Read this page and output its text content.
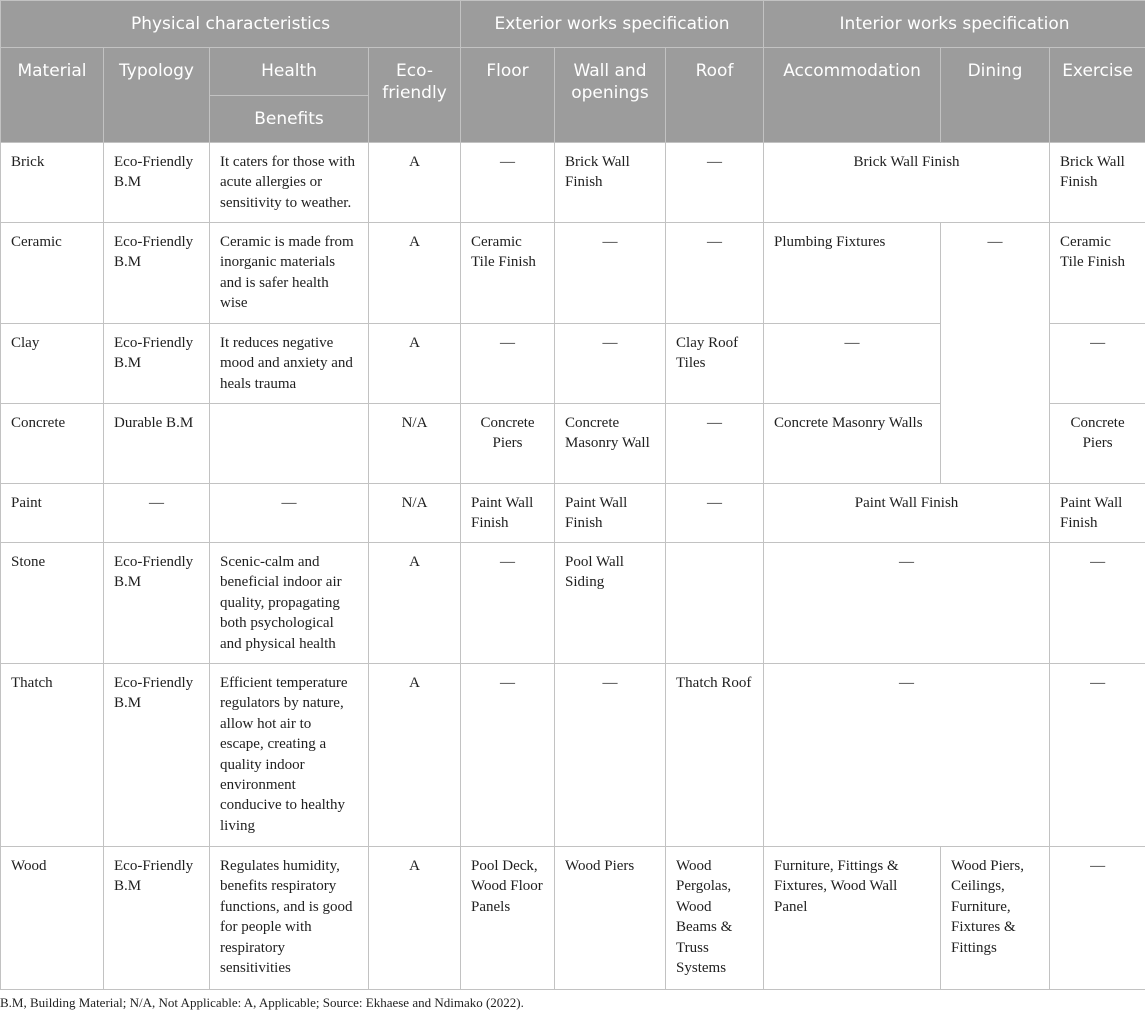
Physical characteristics				Exterior works specification			Interior works specification		
Material	Typology	Health	Eco-friendly	Floor	Wall and openings	Roof	Accommodation	Dining	Exercise
		Benefits							
Brick	Eco-Friendly B.M	It caters for those with acute allergies or sensitivity to weather.	A	—	Brick Wall Finish	—	Brick Wall Finish		Brick Wall Finish
Ceramic	Eco-Friendly B.M	Ceramic is made from inorganic materials and is safer health wise	A	Ceramic Tile Finish	—	—	Plumbing Fixtures	—	Ceramic Tile Finish
Clay	Eco-Friendly B.M	It reduces negative mood and anxiety and heals trauma	A	—	—	Clay Roof Tiles	—		—
Concrete	Durable B.M		N/A	Concrete Piers	Concrete Masonry Wall	—	Concrete Masonry Walls		Concrete Piers
Paint	—	—	N/A	Paint Wall Finish	Paint Wall Finish	—	Paint Wall Finish		Paint Wall Finish
Stone	Eco-Friendly B.M	Scenic-calm and beneficial indoor air quality, propagating both psychological and physical health	A	—	Pool Wall Siding		—		—
Thatch	Eco-Friendly B.M	Efficient temperature regulators by nature, allow hot air to escape, creating a quality indoor environment conducive to healthy living	A	—	—	Thatch Roof	—		—
Wood	Eco-Friendly B.M	Regulates humidity, benefits respiratory functions, and is good for people with respiratory sensitivities	A	Pool Deck, Wood Floor Panels	Wood Piers	Wood Pergolas, Wood Beams & Truss Systems	Furniture, Fittings & Fixtures, Wood Wall Panel	Wood Piers, Ceilings, Furniture, Fixtures & Fittings	—
B.M, Building Material; N/A, Not Applicable: A, Applicable; Source: Ekhaese and Ndimako (2022).
